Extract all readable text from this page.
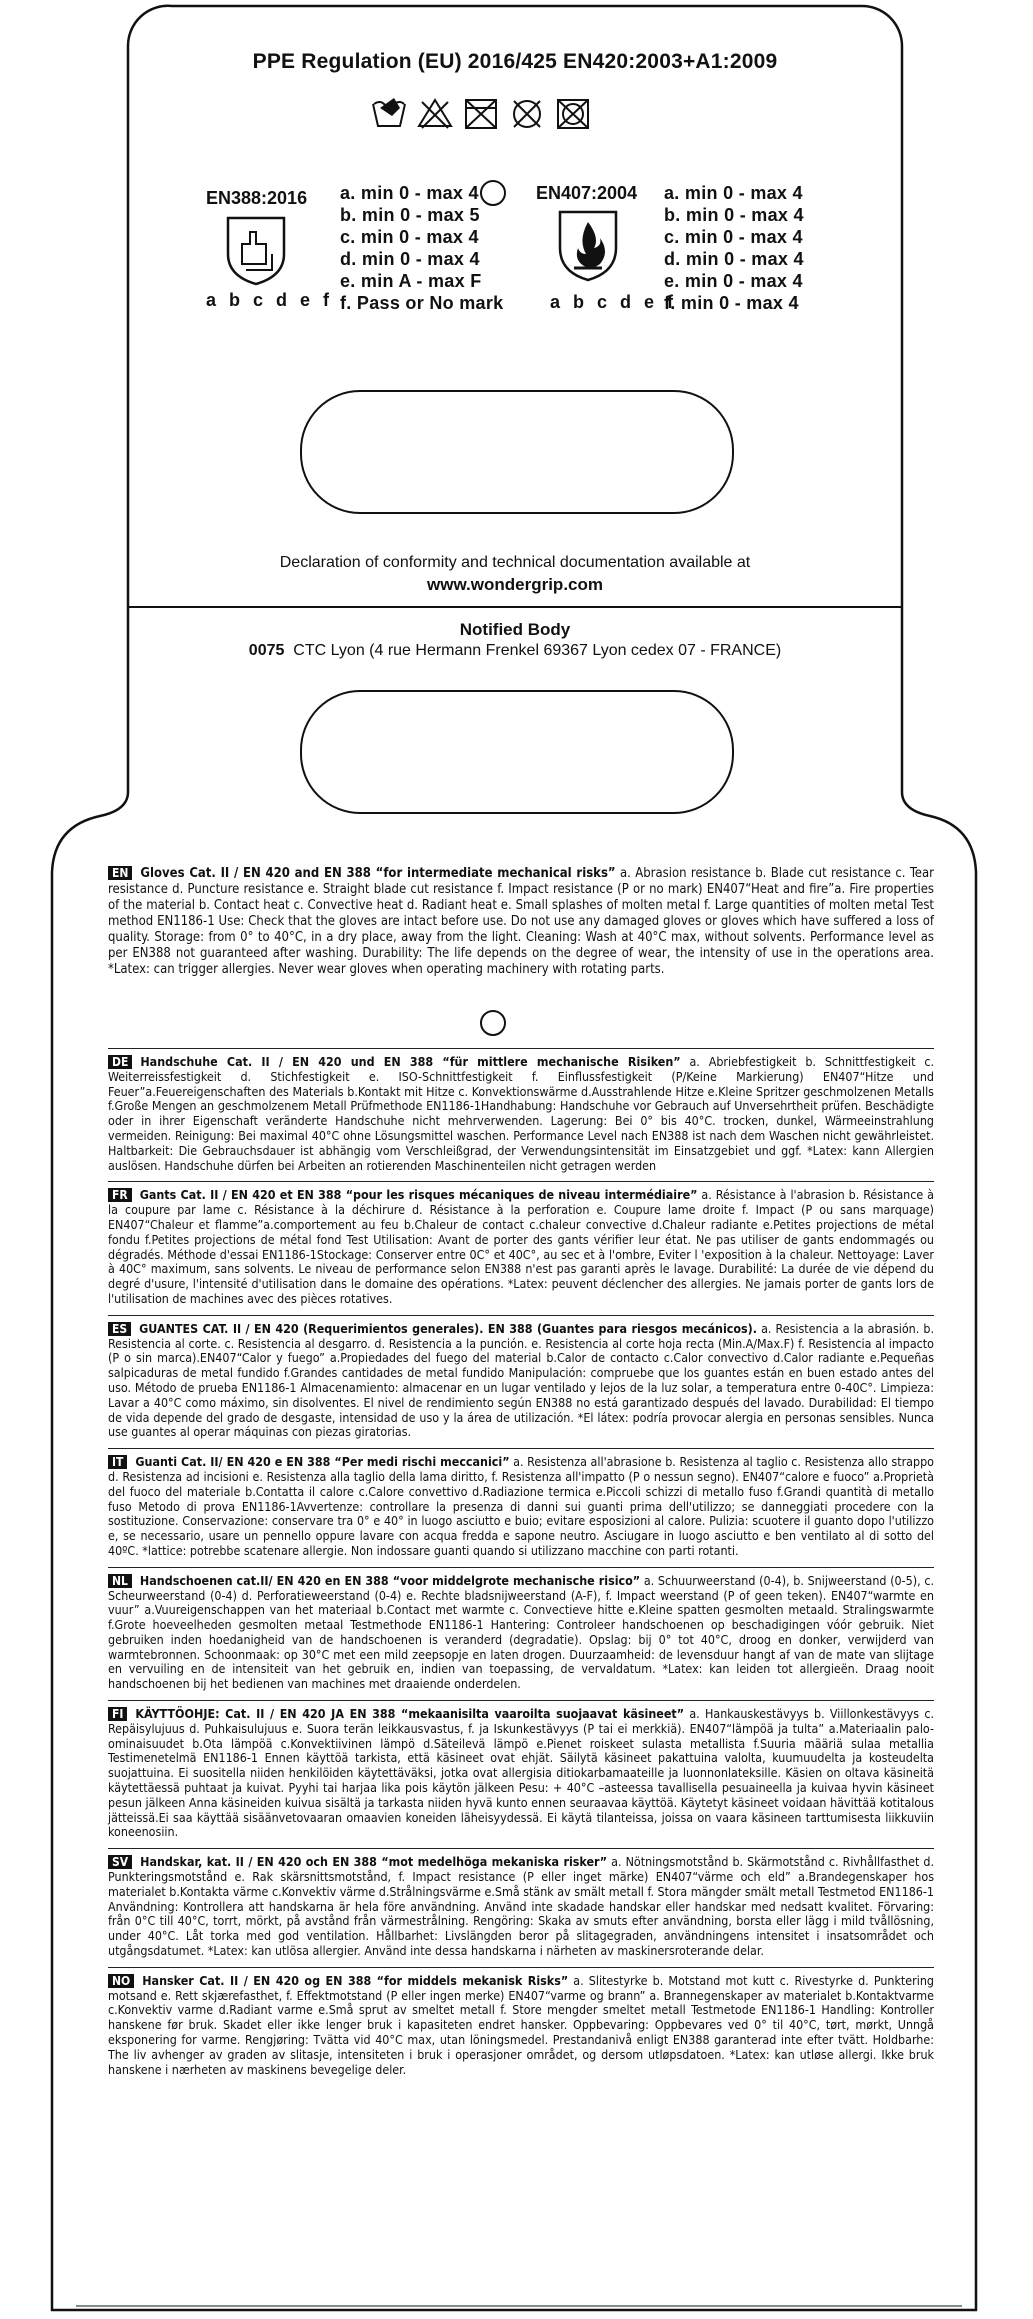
PPE Regulation (EU) 2016/425 EN420:2003+A1:2009
EN388:2016
a b c d e f
a. min 0 - max 4
b. min 0 - max 5
c. min 0 - max 4
d. min 0 - max 4
e. min A - max F
f. Pass or No mark
EN407:2004
a b c d e f
a. min 0 - max 4
b. min 0 - max 4
c. min 0 - max 4
d. min 0 - max 4
e. min 0 - max 4
f. min 0 - max 4
Declaration of conformity and technical documentation available at
www.wondergrip.com
Notified Body
0075 CTC Lyon (4 rue Hermann Frenkel 69367 Lyon cedex 07 - FRANCE)

EN Gloves Cat. II / EN 420 and EN 388 “for intermediate mechanical risks” a. Abrasion resistance b. Blade cut resistance c. Tear resistance d. Puncture resistance e. Straight blade cut resistance f. Impact resistance (P or no mark) EN407“Heat and fire”a. Fire properties of the material b. Contact heat c. Convective heat d. Radiant heat e. Small splashes of molten metal f. Large quantities of molten metal Test method EN1186-1 Use: Check that the gloves are intact before use. Do not use any damaged gloves or gloves which have suffered a loss of quality. Storage: from 0° to 40°C, in a dry place, away from the light. Cleaning: Wash at 40°C max, without solvents. Performance level as per EN388 not guaranteed after washing. Durability: The life depends on the degree of wear, the intensity of use in the operations area. *Latex: can trigger allergies. Never wear gloves when operating machinery with rotating parts.

DE Handschuhe Cat. II / EN 420 und EN 388 “für mittlere mechanische Risiken” a. Abriebfestigkeit b. Schnittfestigkeit c. Weiterreissfestigkeit d. Stichfestigkeit e. ISO-Schnittfestigkeit f. Einflussfestigkeit (P/Keine Markierung) EN407“Hitze und Feuer”a.Feuereigenschaften des Materials b.Kontakt mit Hitze c. Konvektionswärme d.Ausstrahlende Hitze e.Kleine Spritzer geschmolzenen Metalls f.Große Mengen an geschmolzenem Metall Prüfmethode EN1186-1Handhabung: Handschuhe vor Gebrauch auf Unversehrtheit prüfen. Beschädigte oder in ihrer Eigenschaft veränderte Handschuhe nicht mehrverwenden. Lagerung: Bei 0° bis 40°C. trocken, dunkel, Wärmeeinstrahlung vermeiden. Reinigung: Bei maximal 40°C ohne Lösungsmittel waschen. Performance Level nach EN388 ist nach dem Waschen nicht gewährleistet. Haltbarkeit: Die Gebrauchsdauer ist abhängig vom Verschleißgrad, der Verwendungsintensität im Einsatzgebiet und ggf. *Latex: kann Allergien auslösen. Handschuhe dürfen bei Arbeiten an rotierenden Maschinenteilen nicht getragen werden

FR Gants Cat. II / EN 420 et EN 388 “pour les risques mécaniques de niveau intermédiaire” a. Résistance à l'abrasion b. Résistance à la coupure par lame c. Résistance à la déchirure d. Résistance à la perforation e. Coupure lame droite f. Impact (P ou sans marquage) EN407“Chaleur et flamme”a.comportement au feu b.Chaleur de contact c.chaleur convective d.Chaleur radiante e.Petites projections de métal fondu f.Petites projections de métal fond Test Utilisation: Avant de porter des gants vérifier leur état. Ne pas utiliser de gants endommagés ou dégradés. Méthode d'essai EN1186-1Stockage: Conserver entre 0C° et 40C°, au sec et à l'ombre, Eviter l 'exposition à la chaleur. Nettoyage: Laver à 40C° maximum, sans solvents. Le niveau de performance selon EN388 n'est pas garanti après le lavage. Durabilité: La durée de vie dépend du degré d'usure, l'intensité d'utilisation dans le domaine des opérations. *Latex: peuvent déclencher des allergies. Ne jamais porter de gants lors de l'utilisation de machines avec des pièces rotatives.

ES GUANTES CAT. II / EN 420 (Requerimientos generales). EN 388 (Guantes para riesgos mecánicos). a. Resistencia a la abrasión. b. Resistencia al corte. c. Resistencia al desgarro. d. Resistencia a la punción. e. Resistencia al corte hoja recta (Min.A/Max.F) f. Resistencia al impacto (P o sin marca).EN407“Calor y fuego” a.Propiedades del fuego del material b.Calor de contacto c.Calor convectivo d.Calor radiante e.Pequeñas salpicaduras de metal fundido f.Grandes cantidades de metal fundido Manipulación: compruebe que los guantes están en buen estado antes del uso. Método de prueba EN1186-1 Almacenamiento: almacenar en un lugar ventilado y lejos de la luz solar, a temperatura entre 0-40C°. Limpieza: Lavar a 40°C como máximo, sin disolventes. El nivel de rendimiento según EN388 no está garantizado después del lavado. Durabilidad: El tiempo de vida depende del grado de desgaste, intensidad de uso y la área de utilización. *El látex: podría provocar alergia en personas sensibles. Nunca use guantes al operar máquinas con piezas giratorias.

IT Guanti Cat. II/ EN 420 e EN 388 “Per medi rischi meccanici” a. Resistenza all'abrasione b. Resistenza al taglio c. Resistenza allo strappo d. Resistenza ad incisioni e. Resistenza alla taglio della lama diritto, f. Resistenza all'impatto (P o nessun segno). EN407“calore e fuoco” a.Proprietà del fuoco del materiale b.Contatta il calore c.Calore convettivo d.Radiazione termica e.Piccoli schizzi di metallo fuso f.Grandi quantità di metallo fuso Metodo di prova EN1186-1Avvertenze: controllare la presenza di danni sui guanti prima dell'utilizzo; se danneggiati procedere con la sostituzione. Conservazione: conservare tra 0° e 40° in luogo asciutto e buio; evitare esposizioni al calore. Pulizia: scuotere il guanto dopo l'utilizzo e, se necessario, usare un pennello oppure lavare con acqua fredda e sapone neutro. Asciugare in luogo asciutto e ben ventilato al di sotto del 40ºC. *lattice: potrebbe scatenare allergie. Non indossare guanti quando si utilizzano macchine con parti rotanti.

NL Handschoenen cat.II/ EN 420 en EN 388 “voor middelgrote mechanische risico” a. Schuurweerstand (0-4), b. Snijweerstand (0-5), c. Scheurweerstand (0-4) d. Perforatieweerstand (0-4) e. Rechte bladsnijweerstand (A-F), f. Impact weerstand (P of geen teken). EN407“warmte en vuur” a.Vuureigenschappen van het materiaal b.Contact met warmte c. Convectieve hitte e.Kleine spatten gesmolten metaald. Stralingswarmte f.Grote hoeveelheden gesmolten metaal Testmethode EN1186-1 Hantering: Controleer handschoenen op beschadigingen vóór gebruik. Niet gebruiken inden hoedanigheid van de handschoenen is veranderd (degradatie). Opslag: bij 0° tot 40°C, droog en donker, verwijderd van warmtebronnen. Schoonmaak: op 30°C met een mild zeepsopje en laten drogen. Duurzaamheid: de levensduur hangt af van de mate van slijtage en vervuiling en de intensiteit van het gebruik en, indien van toepassing, de vervaldatum. *Latex: kan leiden tot allergieën. Draag nooit handschoenen bij het bedienen van machines met draaiende onderdelen.

FI KÄYTTÖOHJE: Cat. II / EN 420 JA EN 388 “mekaanisilta vaaroilta suojaavat käsineet” a. Hankauskestävyys b. Viillonkestävyys c. Repäisylujuus d. Puhkaisulujuus e. Suora terän leikkausvastus, f. ja Iskunkestävyys (P tai ei merkkiä). EN407“lämpöä ja tulta” a.Materiaalin palo-ominaisuudet b.Ota lämpöä c.Konvektiivinen lämpö d.Säteilevä lämpö e.Pienet roiskeet sulasta metallista f.Suuria määriä sulaa metallia Testimenetelmä EN1186-1 Ennen käyttöä tarkista, että käsineet ovat ehjät. Säilytä käsineet pakattuina valolta, kuumuudelta ja kosteudelta suojattuina. Ei suositella niiden henkilöiden käytettäväksi, jotka ovat allergisia ditiokarbamaateille ja luonnonlateksille. Käsien on oltava käsineitä käytettäessä puhtaat ja kuivat. Pyyhi tai harjaa lika pois käytön jälkeen Pesu: + 40°C –asteessa tavallisella pesuaineella ja kuivaa hyvin käsineet pesun jälkeen Anna käsineiden kuivua sisältä ja tarkasta niiden hyvä kunto ennen seuraavaa käyttöä. Käytetyt käsineet voidaan hävittää kotitalous jätteissä.Ei saa käyttää sisäänvetovaaran omaavien koneiden läheisyydessä. Ei käytä tilanteissa, joissa on vaara käsineen tarttumisesta liikkuviin koneenosiin.

SV Handskar, kat. II / EN 420 och EN 388 “mot medelhöga mekaniska risker” a. Nötningsmotstånd b. Skärmotstånd c. Rivhållfasthet d. Punkteringsmotstånd e. Rak skärsnittsmotstånd, f. Impact resistance (P eller inget märke) EN407“värme och eld” a.Brandegenskaper hos materialet b.Kontakta värme c.Konvektiv värme d.Strålningsvärme e.Små stänk av smält metall f. Stora mängder smält metall Testmetod EN1186-1 Användning: Kontrollera att handskarna är hela före användning. Använd inte skadade handskar eller handskar med nedsatt kvalitet. Förvaring: från 0°C till 40°C, torrt, mörkt, på avstånd från värmestrålning. Rengöring: Skaka av smuts efter användning, borsta eller lägg i mild tvållösning, under 40°C. Låt torka med god ventilation. Hållbarhet: Livslängden beror på slitagegraden, användningens intensitet i insatsområdet och utgångsdatumet. *Latex: kan utlösa allergier. Använd inte dessa handskarna i närheten av maskinersroterande delar.

NO Hansker Cat. II / EN 420 og EN 388 “for middels mekanisk Risks” a. Slitestyrke b. Motstand mot kutt c. Rivestyrke d. Punktering motsand e. Rett skjærefasthet, f. Effektmotstand (P eller ingen merke) EN407“varme og brann” a. Brannegenskaper av materialet b.Kontaktvarme c.Konvektiv varme d.Radiant varme e.Små sprut av smeltet metall f. Store mengder smeltet metall Testmetode EN1186-1 Handling: Kontroller hanskene før bruk. Skadet eller ikke lenger bruk i kapasiteten endret hansker. Oppbevaring: Oppbevares ved 0° til 40°C, tørt, mørkt, Unngå eksponering for varme. Rengjøring: Tvätta vid 40°C max, utan löningsmedel. Prestandanivå enligt EN388 garanterad inte efter tvätt. Holdbarhe: The liv avhenger av graden av slitasje, intensiteten i bruk i operasjoner området, og dersom utløpsdatoen. *Latex: kan utløse allergi. Ikke bruk hanskene i nærheten av maskinens bevegelige deler.
